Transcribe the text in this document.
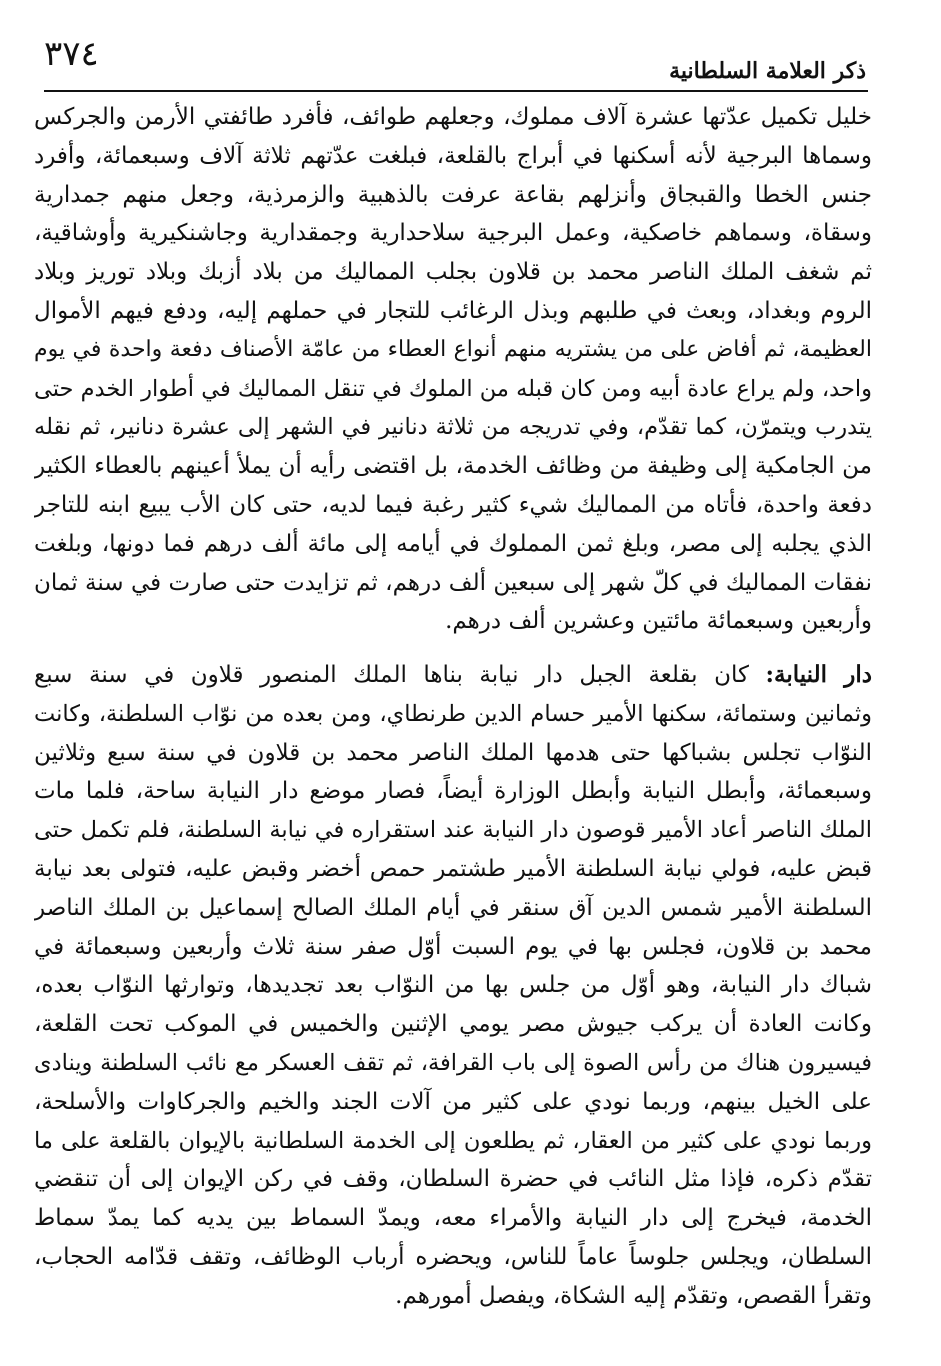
٣٧٤	ذكر العلامة السلطانية
خليل تكميل عدّتها عشرة آلاف مملوك، وجعلهم طوائف، فأفرد طائفتي الأرمن والجركس
وسماها البرجية لأنه أسكنها في أبراج بالقلعة، فبلغت عدّتهم ثلاثة آلاف وسبعمائة، وأفرد
جنس الخطا والقبجاق وأنزلهم بقاعة عرفت بالذهبية والزمرذية، وجعل منهم جمدارية
وسقاة، وسماهم خاصكية، وعمل البرجية سلاحدارية وجمقدارية وجاشنكيرية وأوشاقية،
ثم شغف الملك الناصر محمد بن قلاون بجلب المماليك من بلاد أزبك وبلاد توريز وبلاد
الروم وبغداد، وبعث في طلبهم وبذل الرغائب للتجار في حملهم إليه، ودفع فيهم الأموال
العظيمة، ثم أفاض على من يشتريه منهم أنواع العطاء من عامّة الأصناف دفعة واحدة في يوم
واحد، ولم يراع عادة أبيه ومن كان قبله من الملوك في تنقل المماليك في أطوار الخدم حتى
يتدرب ويتمرّن، كما تقدّم، وفي تدريجه من ثلاثة دنانير في الشهر إلى عشرة دنانير، ثم نقله
من الجامكية إلى وظيفة من وظائف الخدمة، بل اقتضى رأيه أن يملأ أعينهم بالعطاء الكثير
دفعة واحدة، فأتاه من المماليك شيء كثير رغبة فيما لديه، حتى كان الأب يبيع ابنه للتاجر
الذي يجلبه إلى مصر، وبلغ ثمن المملوك في أيامه إلى مائة ألف درهم فما دونها، وبلغت
نفقات المماليك في كلّ شهر إلى سبعين ألف درهم، ثم تزايدت حتى صارت في سنة ثمان
وأربعين وسبعمائة مائتين وعشرين ألف درهم.
دار النيابة: كان بقلعة الجبل دار نيابة بناها الملك المنصور قلاون في سنة سبع
وثمانين وستمائة، سكنها الأمير حسام الدين طرنطاي، ومن بعده من نوّاب السلطنة، وكانت
النوّاب تجلس بشباكها حتى هدمها الملك الناصر محمد بن قلاون في سنة سبع وثلاثين
وسبعمائة، وأبطل النيابة وأبطل الوزارة أيضاً، فصار موضع دار النيابة ساحة، فلما مات
الملك الناصر أعاد الأمير قوصون دار النيابة عند استقراره في نيابة السلطنة، فلم تكمل حتى
قبض عليه، فولي نيابة السلطنة الأمير طشتمر حمص أخضر وقبض عليه، فتولى بعد نيابة
السلطنة الأمير شمس الدين آق سنقر في أيام الملك الصالح إسماعيل بن الملك الناصر
محمد بن قلاون، فجلس بها في يوم السبت أوّل صفر سنة ثلاث وأربعين وسبعمائة في
شباك دار النيابة، وهو أوّل من جلس بها من النوّاب بعد تجديدها، وتوارثها النوّاب بعده،
وكانت العادة أن يركب جيوش مصر يومي الإثنين والخميس في الموكب تحت القلعة،
فيسيرون هناك من رأس الصوة إلى باب القرافة، ثم تقف العسكر مع نائب السلطنة وينادى
على الخيل بينهم، وربما نودي على كثير من آلات الجند والخيم والجركاوات والأسلحة،
وربما نودي على كثير من العقار، ثم يطلعون إلى الخدمة السلطانية بالإيوان بالقلعة على ما
تقدّم ذكره، فإذا مثل النائب في حضرة السلطان، وقف في ركن الإيوان إلى أن تنقضي
الخدمة، فيخرج إلى دار النيابة والأمراء معه، ويمدّ السماط بين يديه كما يمدّ سماط
السلطان، ويجلس جلوساً عاماً للناس، ويحضره أرباب الوظائف، وتقف قدّامه الحجاب،
وتقرأ القصص، وتقدّم إليه الشكاة، ويفصل أمورهم.
